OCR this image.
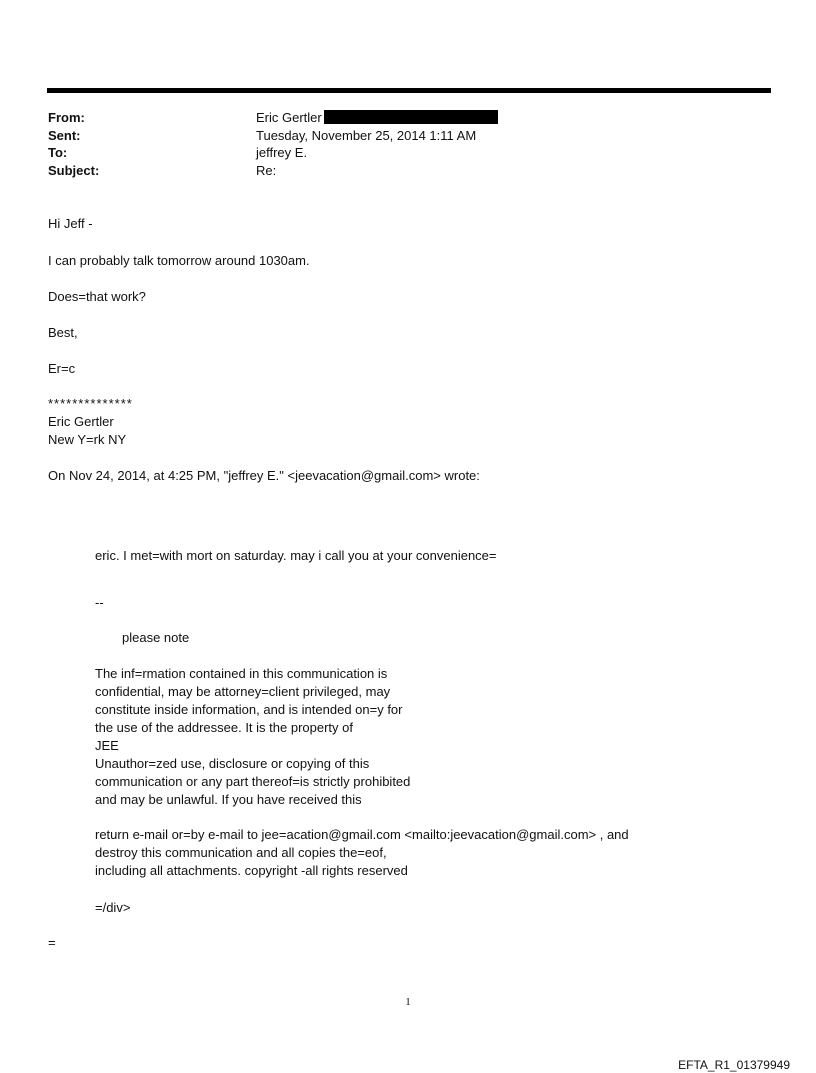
From:	Eric Gertler
Sent:	Tuesday, November 25, 2014 1:11 AM
To:	jeffrey E.
Subject:	Re:
Hi Jeff -
I can probably talk tomorrow around 1030am.
Does=that work?
Best,
Er=c
**************
Eric Gertler
New Y=rk NY
On Nov 24, 2014, at 4:25 PM, "jeffrey E." <jeevacation@gmail.com> wrote:
eric. I met=with mort on saturday. may i call you at your convenience=
--
please note
The inf=rmation contained in this communication is
confidential, may be attorney=client privileged, may
constitute inside information, and is intended on=y for
the use of the addressee. It is the property of
JEE
Unauthor=zed use, disclosure or copying of this
communication or any part thereof=is strictly prohibited
and may be unlawful. If you have received this
return e-mail or=by e-mail to jee=acation@gmail.com <mailto:jeevacation@gmail.com> , and
destroy this communication and all copies the=eof,
including all attachments. copyright -all rights reserved
=/div>
=
1
EFTA_R1_01379949
